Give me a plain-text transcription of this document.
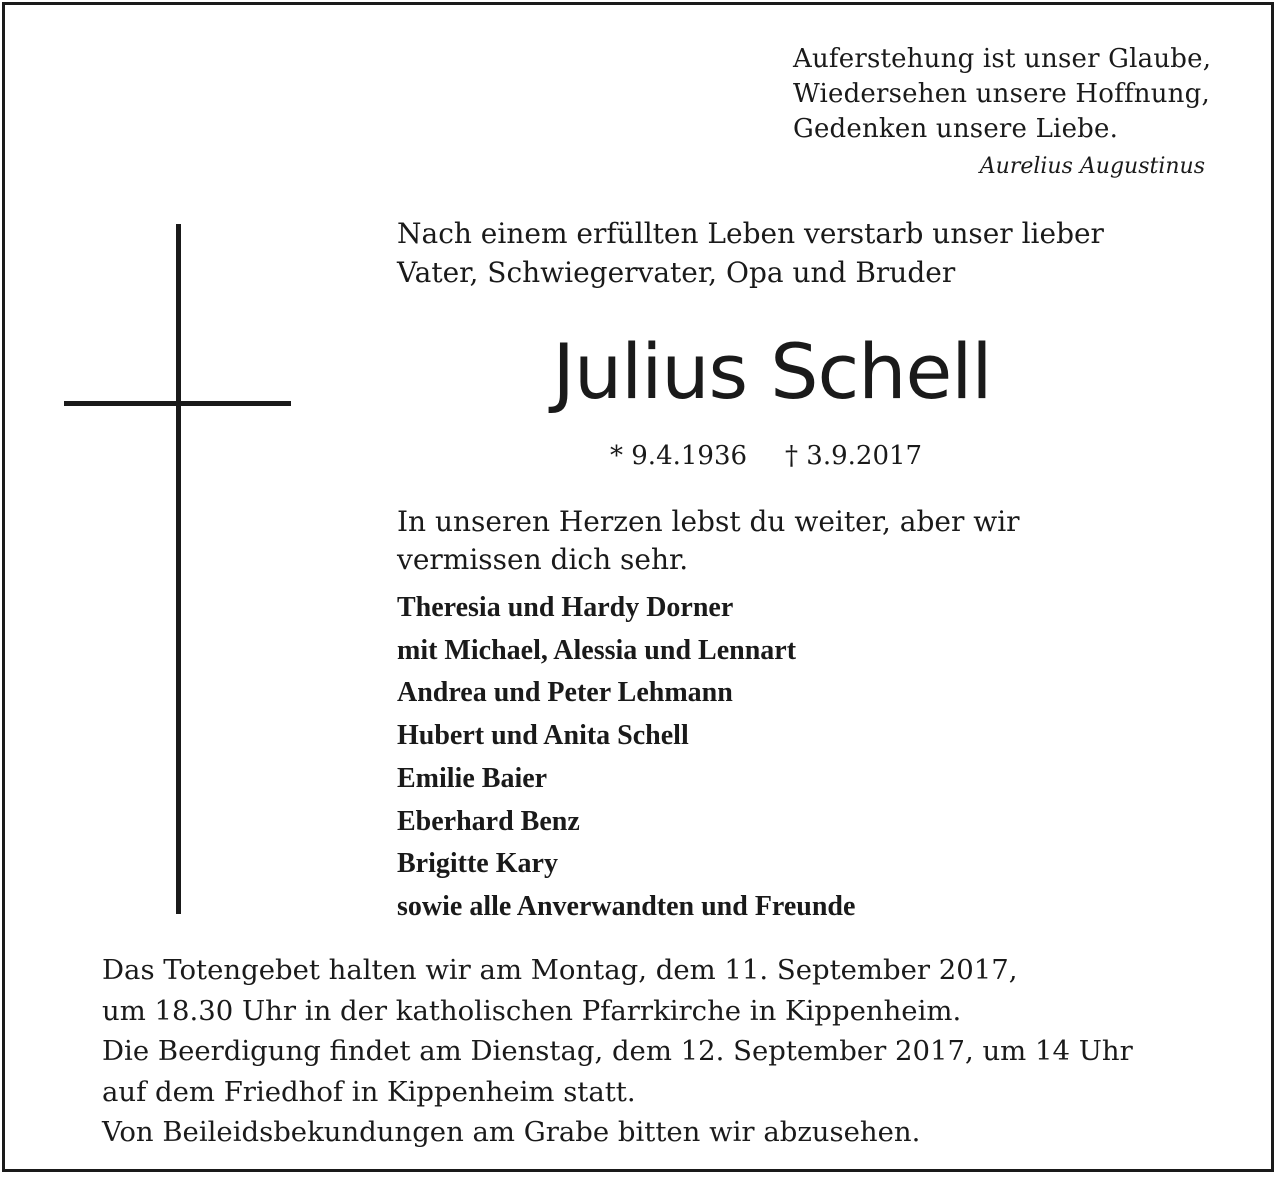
Auferstehung ist unser Glaube,
Wiedersehen unsere Hoffnung,
Gedenken unsere Liebe.
Aurelius Augustinus
Nach einem erfüllten Leben verstarb unser lieber
Vater, Schwiegervater, Opa und Bruder
Julius Schell
* 9.4.1936 † 3.9.2017
In unseren Herzen lebst du weiter, aber wir
vermissen dich sehr.
Theresia und Hardy Dorner
mit Michael, Alessia und Lennart
Andrea und Peter Lehmann
Hubert und Anita Schell
Emilie Baier
Eberhard Benz
Brigitte Kary
sowie alle Anverwandten und Freunde
Das Totengebet halten wir am Montag, dem 11. September 2017,
um 18.30 Uhr in der katholischen Pfarrkirche in Kippenheim.
Die Beerdigung findet am Dienstag, dem 12. September 2017, um 14 Uhr
auf dem Friedhof in Kippenheim statt.
Von Beileidsbekundungen am Grabe bitten wir abzusehen.
